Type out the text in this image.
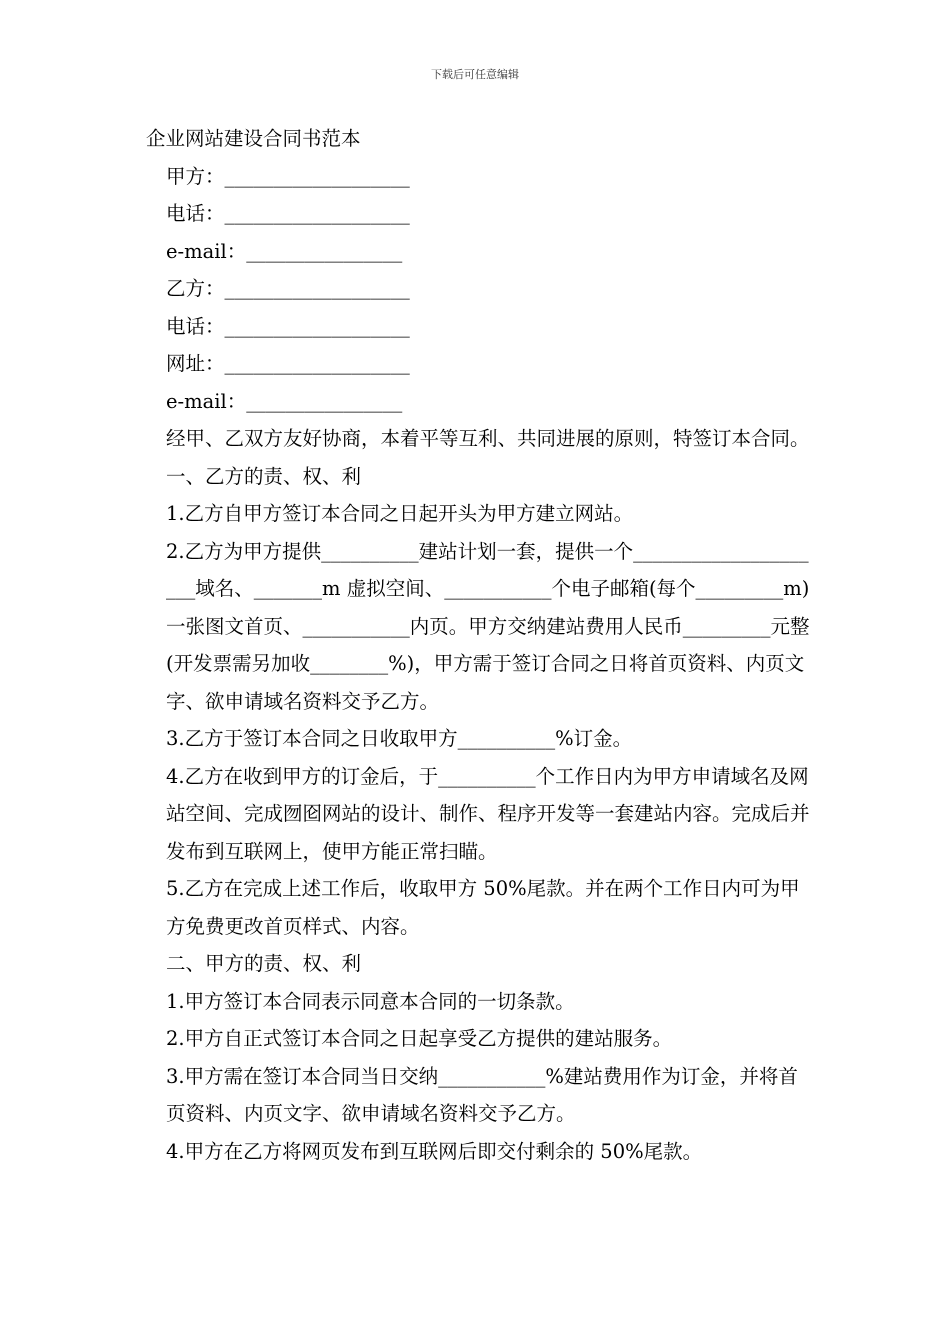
下载后可任意编辑
企业网站建设合同书范本
甲方：___________________
电话：___________________
e-mail：________________
乙方：___________________
电话：___________________
网址：___________________
e-mail：________________
经甲、乙双方友好协商，本着平等互利、共同进展的原则，特签订本合同。
一、乙方的责、权、利
1.乙方自甲方签订本合同之日起开头为甲方建立网站。
2.乙方为甲方提供__________建站计划一套，提供一个_____________________域名、_______m 虚拟空间、___________个电子邮箱(每个_________m)一张图文首页、___________内页。甲方交纳建站费用人民币_________元整(开发票需另加收________%)，甲方需于签订合同之日将首页资料、内页文字、欲申请域名资料交予乙方。
3.乙方于签订本合同之日收取甲方__________%订金。
4.乙方在收到甲方的订金后，于__________个工作日内为甲方申请域名及网站空间、完成囫囵网站的设计、制作、程序开发等一套建站内容。完成后并发布到互联网上，使甲方能正常扫瞄。
5.乙方在完成上述工作后，收取甲方 50%尾款。并在两个工作日内可为甲方免费更改首页样式、内容。
二、甲方的责、权、利
1.甲方签订本合同表示同意本合同的一切条款。
2.甲方自正式签订本合同之日起享受乙方提供的建站服务。
3.甲方需在签订本合同当日交纳___________%建站费用作为订金，并将首页资料、内页文字、欲申请域名资料交予乙方。
4.甲方在乙方将网页发布到互联网后即交付剩余的 50%尾款。
